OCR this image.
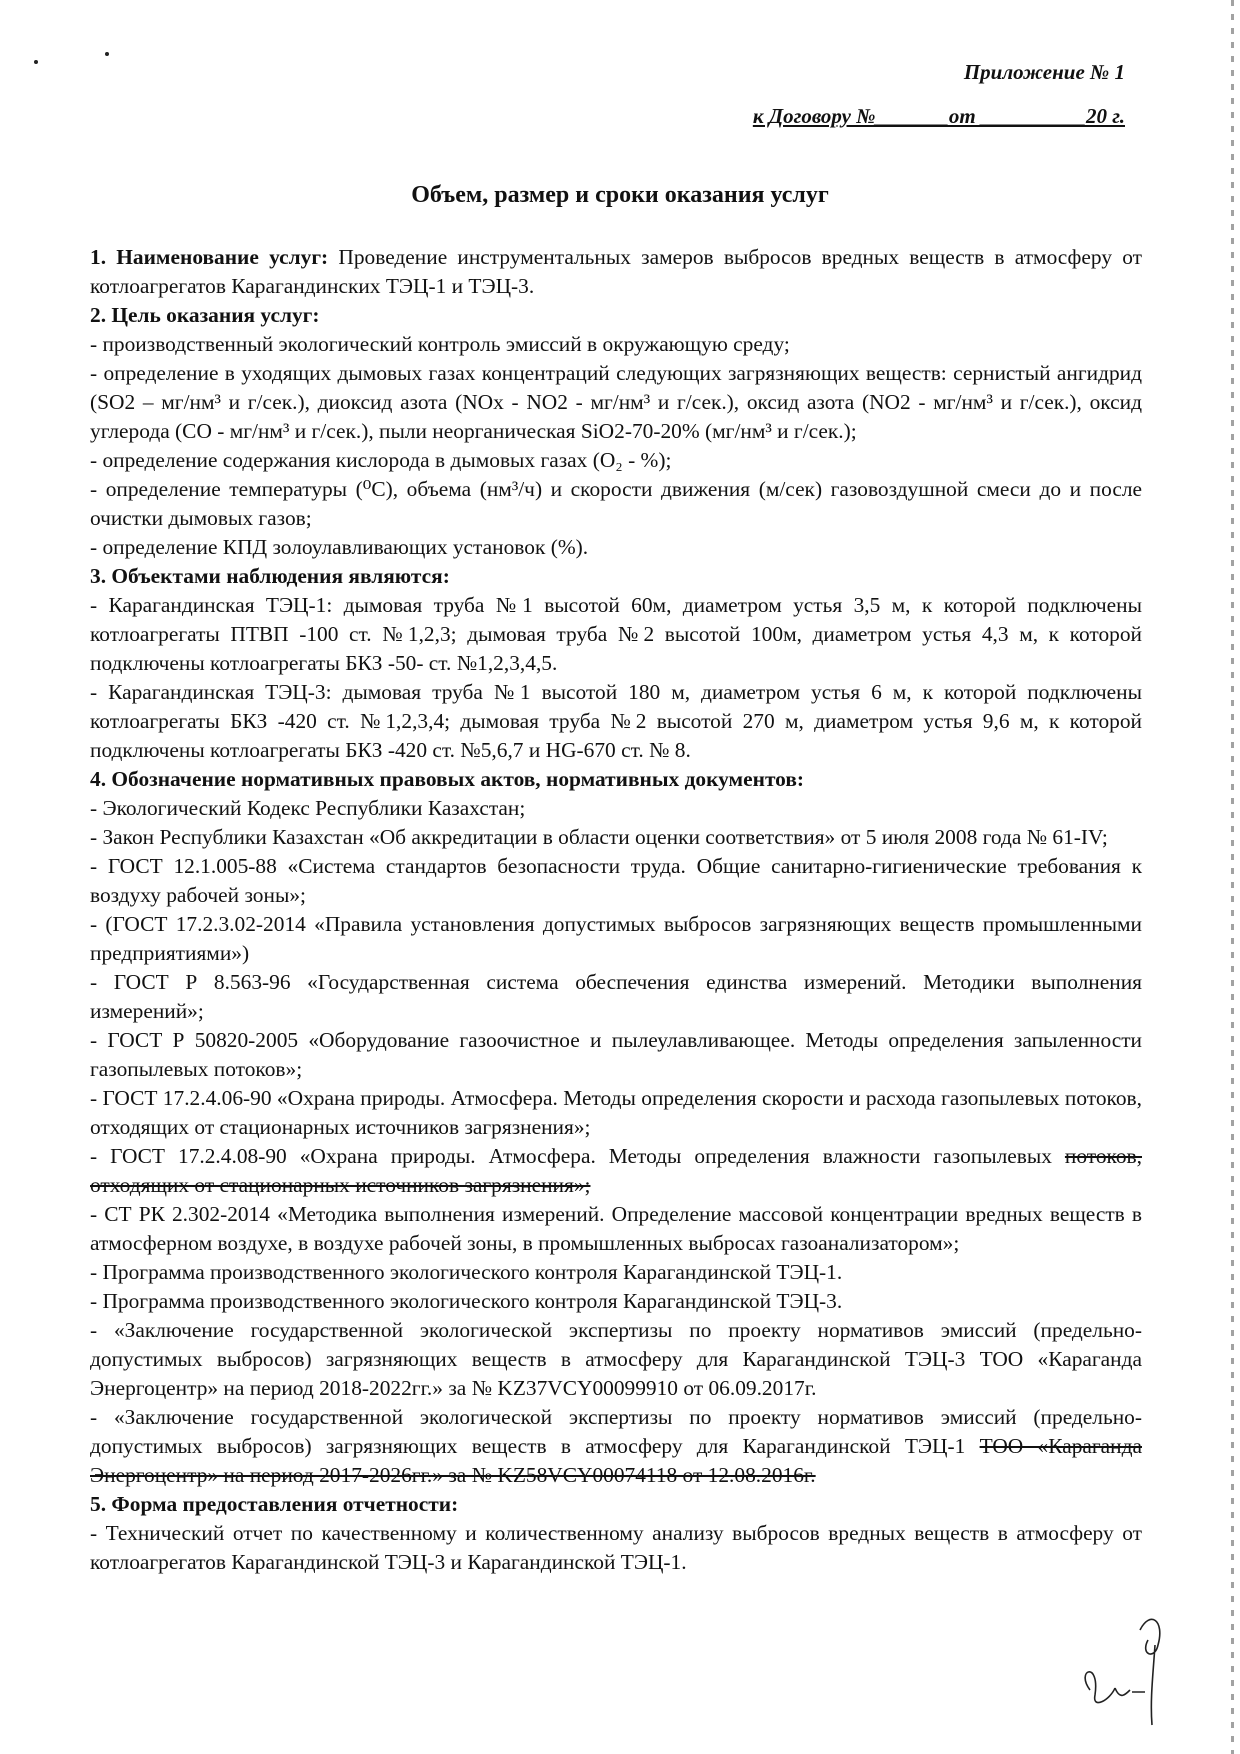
Приложение № 1
к Договору №_______от __________20 г.
Объем, размер и сроки оказания услуг

1. Наименование услуг: Проведение инструментальных замеров выбросов вредных веществ в атмосферу от котлоагрегатов Карагандинских ТЭЦ-1 и ТЭЦ-3.

2. Цель оказания услуг:

- производственный экологический контроль эмиссий в окружающую среду;

- определение в уходящих дымовых газах концентраций следующих загрязняющих веществ: сернистый ангидрид (SO2 – мг/нм³ и г/сек.), диоксид азота (NOx - NO2 - мг/нм³ и г/сек.), оксид азота (NO2 - мг/нм³ и г/сек.), оксид углерода (CO - мг/нм³ и г/сек.), пыли неорганическая SiO2-70-20% (мг/нм³ и г/сек.);

- определение содержания кислорода в дымовых газах (O₂ - %);

- определение температуры (⁰С), объема (нм³/ч) и скорости движения (м/сек) газовоздушной смеси до и после очистки дымовых газов;

- определение КПД золоулавливающих установок (%).

3. Объектами наблюдения являются:

- Карагандинская ТЭЦ-1: дымовая труба №1 высотой 60м, диаметром устья 3,5 м, к которой подключены котлоагрегаты ПТВП -100 ст. №1,2,3; дымовая труба №2 высотой 100м, диаметром устья 4,3 м, к которой подключены котлоагрегаты БКЗ -50- ст. №1,2,3,4,5.

- Карагандинская ТЭЦ-3: дымовая труба №1 высотой 180 м, диаметром устья 6 м, к которой подключены котлоагрегаты БКЗ -420 ст. №1,2,3,4; дымовая труба №2 высотой 270 м, диаметром устья 9,6 м, к которой подключены котлоагрегаты БКЗ -420 ст. №5,6,7 и HG-670 ст. № 8.

4. Обозначение нормативных правовых актов, нормативных документов:

- Экологический Кодекс Республики Казахстан;

- Закон Республики Казахстан «Об аккредитации в области оценки соответствия» от 5 июля 2008 года № 61-IV;

- ГОСТ 12.1.005-88 «Система стандартов безопасности труда. Общие санитарно-гигиенические требования к воздуху рабочей зоны»;

- (ГОСТ 17.2.3.02-2014 «Правила установления допустимых выбросов загрязняющих веществ промышленными предприятиями»)

- ГОСТ Р 8.563-96 «Государственная система обеспечения единства измерений. Методики выполнения измерений»;

- ГОСТ Р 50820-2005 «Оборудование газоочистное и пылеулавливающее. Методы определения запыленности газопылевых потоков»;

- ГОСТ 17.2.4.06-90 «Охрана природы. Атмосфера. Методы определения скорости и расхода газопылевых потоков, отходящих от стационарных источников загрязнения»;

- ГОСТ 17.2.4.08-90 «Охрана природы. Атмосфера. Методы определения влажности газопылевых потоков, отходящих от стационарных источников загрязнения»;

- СТ РК 2.302-2014 «Методика выполнения измерений. Определение массовой концентрации вредных веществ в атмосферном воздухе, в воздухе рабочей зоны, в промышленных выбросах газоанализатором»;

- Программа производственного экологического контроля Карагандинской ТЭЦ-1.

- Программа производственного экологического контроля Карагандинской ТЭЦ-3.

- «Заключение государственной экологической экспертизы по проекту нормативов эмиссий (предельно-допустимых выбросов) загрязняющих веществ в атмосферу для Карагандинской ТЭЦ-3 ТОО «Караганда Энергоцентр» на период 2018-2022гг.» за № KZ37VCY00099910 от 06.09.2017г.

- «Заключение государственной экологической экспертизы по проекту нормативов эмиссий (предельно-допустимых выбросов) загрязняющих веществ в атмосферу для Карагандинской ТЭЦ-1 ТОО «Караганда Энергоцентр» на период 2017-2026гг.» за № KZ58VCY00074118 от 12.08.2016г.

5. Форма предоставления отчетности:

- Технический отчет по качественному и количественному анализу выбросов вредных веществ в атмосферу от котлоагрегатов Карагандинской ТЭЦ-3 и Карагандинской ТЭЦ-1.
